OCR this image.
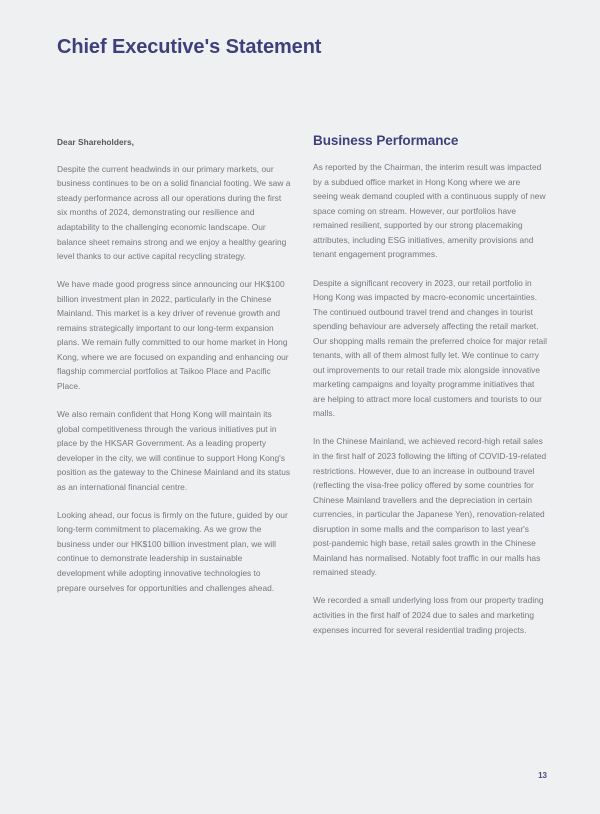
Chief Executive's Statement
Dear Shareholders,

Despite the current headwinds in our primary markets, our business continues to be on a solid financial footing. We saw a steady performance across all our operations during the first six months of 2024, demonstrating our resilience and adaptability to the challenging economic landscape. Our balance sheet remains strong and we enjoy a healthy gearing level thanks to our active capital recycling strategy.

We have made good progress since announcing our HK$100 billion investment plan in 2022, particularly in the Chinese Mainland. This market is a key driver of revenue growth and remains strategically important to our long-term expansion plans. We remain fully committed to our home market in Hong Kong, where we are focused on expanding and enhancing our flagship commercial portfolios at Taikoo Place and Pacific Place.

We also remain confident that Hong Kong will maintain its global competitiveness through the various initiatives put in place by the HKSAR Government. As a leading property developer in the city, we will continue to support Hong Kong's position as the gateway to the Chinese Mainland and its status as an international financial centre.

Looking ahead, our focus is firmly on the future, guided by our long-term commitment to placemaking. As we grow the business under our HK$100 billion investment plan, we will continue to demonstrate leadership in sustainable development while adopting innovative technologies to prepare ourselves for opportunities and challenges ahead.

Business Performance

As reported by the Chairman, the interim result was impacted by a subdued office market in Hong Kong where we are seeing weak demand coupled with a continuous supply of new space coming on stream. However, our portfolios have remained resilient, supported by our strong placemaking attributes, including ESG initiatives, amenity provisions and tenant engagement programmes.

Despite a significant recovery in 2023, our retail portfolio in Hong Kong was impacted by macro-economic uncertainties. The continued outbound travel trend and changes in tourist spending behaviour are adversely affecting the retail market. Our shopping malls remain the preferred choice for major retail tenants, with all of them almost fully let. We continue to carry out improvements to our retail trade mix alongside innovative marketing campaigns and loyalty programme initiatives that are helping to attract more local customers and tourists to our malls.

In the Chinese Mainland, we achieved record-high retail sales in the first half of 2023 following the lifting of COVID-19-related restrictions. However, due to an increase in outbound travel (reflecting the visa-free policy offered by some countries for Chinese Mainland travellers and the depreciation in certain currencies, in particular the Japanese Yen), renovation-related disruption in some malls and the comparison to last year's post-pandemic high base, retail sales growth in the Chinese Mainland has normalised. Notably foot traffic in our malls has remained steady.

We recorded a small underlying loss from our property trading activities in the first half of 2024 due to sales and marketing expenses incurred for several residential trading projects.

13
